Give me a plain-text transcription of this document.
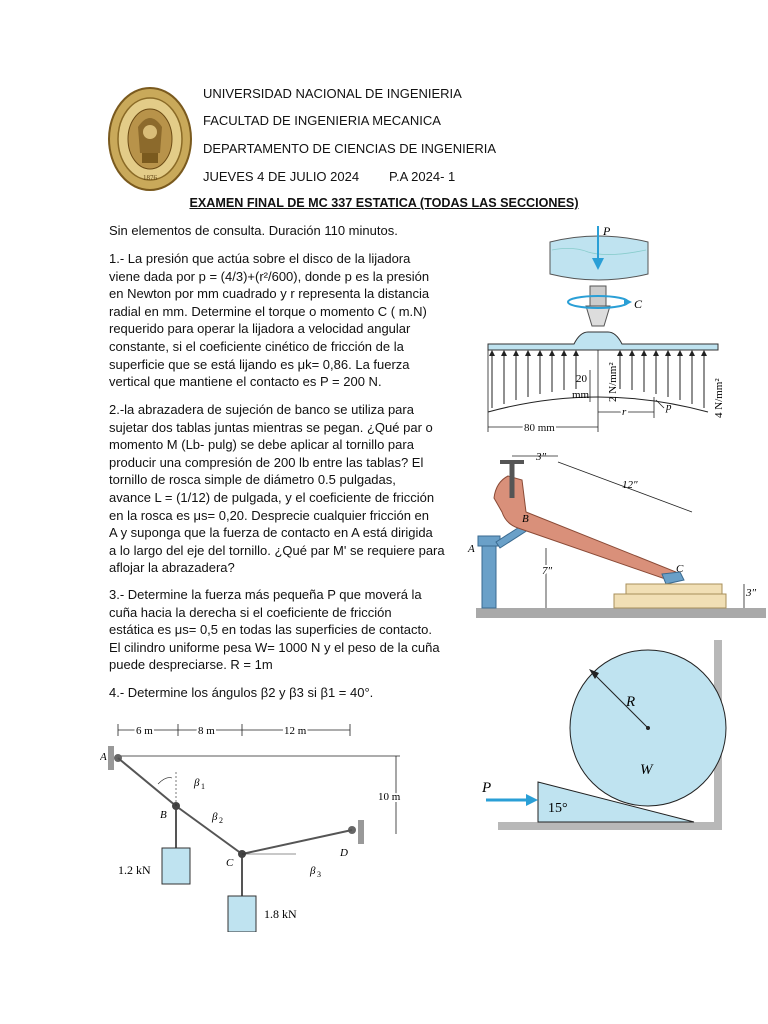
1876
UNIVERSIDAD NACIONAL DE INGENIERIA
FACULTAD DE INGENIERIA MECANICA
DEPARTAMENTO DE CIENCIAS DE INGENIERIA
JUEVES 4 DE JULIO 2024 P.A 2024- 1
EXAMEN FINAL DE MC 337 ESTATICA (TODAS LAS SECCIONES)
Sin elementos de consulta. Duración 110 minutos.
1.- La presión que actúa sobre el disco de la lijadora
viene dada por p = (4/3)+(r²/600), donde p es la presión
en Newton por mm cuadrado y r representa la distancia
radial en mm. Determine el torque o momento C ( m.N)
requerido para operar la lijadora a velocidad angular
constante, si el coeficiente cinético de fricción de la
superficie que se está lijando es μk= 0,86. La fuerza
vertical que mantiene el contacto es P = 200 N.
2.-la abrazadera de sujeción de banco se utiliza para
sujetar dos tablas juntas mientras se pegan. ¿Qué par o
momento M (Lb- pulg) se debe aplicar al tornillo para
producir una compresión de 200 lb entre las tablas? El
tornillo de rosca simple de diámetro 0.5 pulgadas,
avance L = (1/12) de pulgada, y el coeficiente de fricción
en la rosca es μs= 0,20. Desprecie cualquier fricción en
A y suponga que la fuerza de contacto en A está dirigida
a lo largo del eje del tornillo. ¿Qué par M' se requiere para
aflojar la abrazadera?
3.- Determine la fuerza más pequeña P que moverá la
cuña hacia la derecha si el coeficiente de fricción
estática es μs= 0,5 en todas las superficies de contacto.
El cilindro uniforme pesa W= 1000 N y el peso de la cuña
puede despreciarse. R = 1m
4.- Determine los ángulos β2 y β3 si β1 = 40°.
P
C
20
mm 2 N/mm²	4 N/mm²
80 mm
r	p
3″
12″
7″
3″
A
B
C
R
W
15°
P
6 m	8 m	12 m
A
D
10 m
B
C
β 1
β 2
β 3
1.2 kN
1.8 kN
